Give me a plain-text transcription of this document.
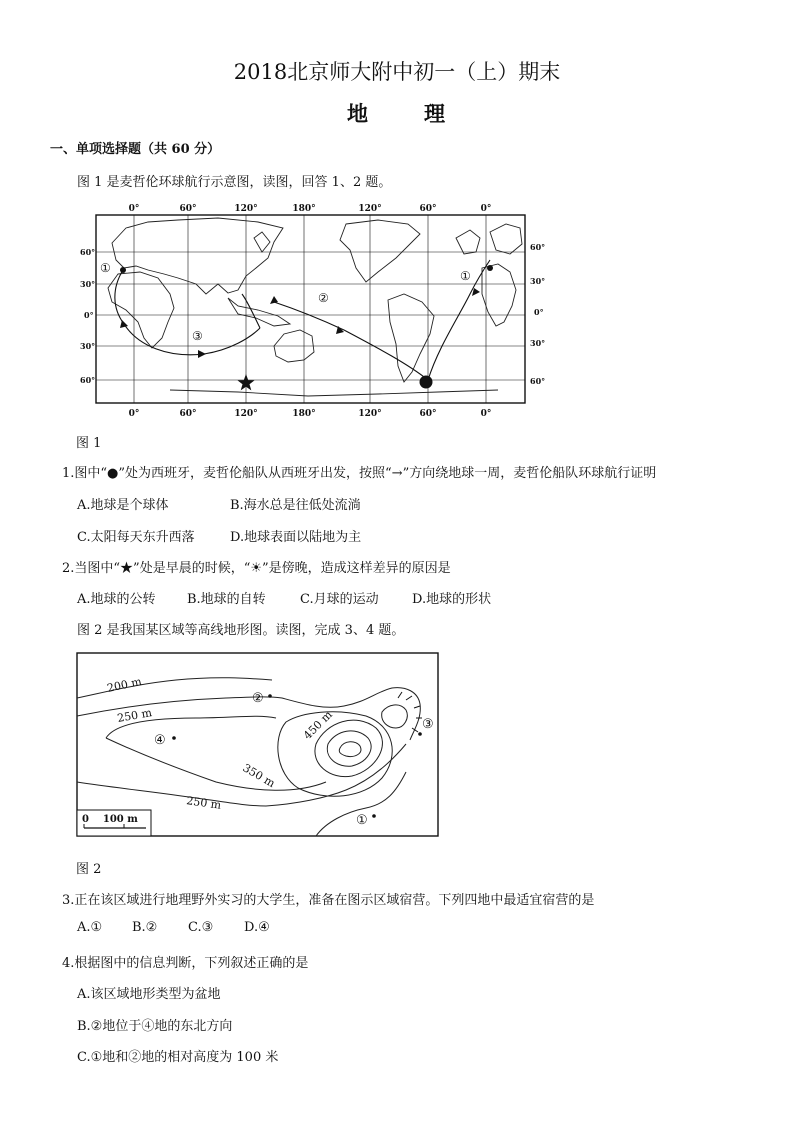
2018北京师大附中初一（上）期末
地	理
一、单项选择题（共 60 分）
图 1 是麦哲伦环球航行示意图，读图，回答 1、2 题。
0°	60°	120°	180°	120°	60°	0°
0°	60°	120°	180°	120°	60°	0°
60°
30°
0°
30°
60°
60°
30°
0°
30°
60°
①
②
③
①
图 1
1.图中“●”处为西班牙，麦哲伦船队从西班牙出发，按照“→”方向绕地球一周，麦哲伦船队环球航行证明
A.地球是个球体	B.海水总是往低处流淌
C.太阳每天东升西落	D.地球表面以陆地为主
2.当图中“★”处是早晨的时候，“☀”是傍晚，造成这样差异的原因是
A.地球的公转 B.地球的自转	C.月球的运动	D.地球的形状
图 2 是我国某区域等高线地形图。读图，完成 3、4 题。
200 m
250 m	450 m
350 m
250 m
②
③
④
①
0    100 m
图 2
3.正在该区域进行地理野外实习的大学生，准备在图示区域宿营。下列四地中最适宜宿营的是
A.① B.② C.③ D.④
4.根据图中的信息判断，下列叙述正确的是
A.该区域地形类型为盆地
B.②地位于④地的东北方向
C.①地和②地的相对高度为 100 米
